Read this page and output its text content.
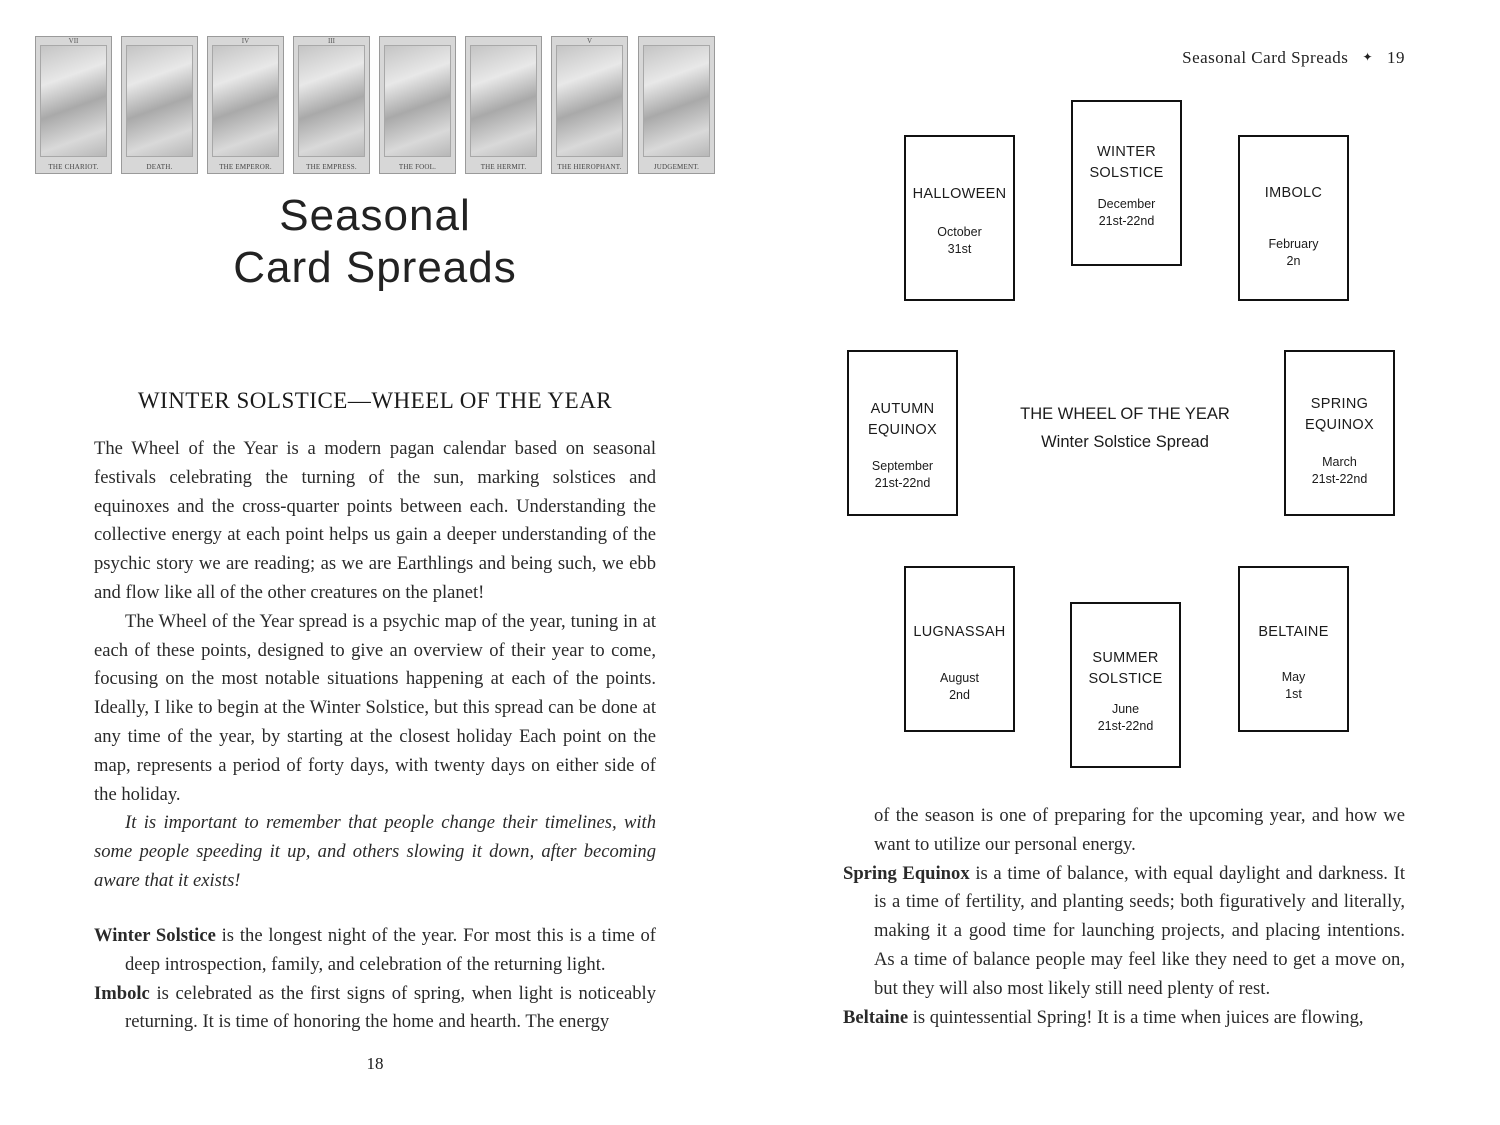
VII
THE CHARIOT.	DEATH.
IV
THE EMPEROR.
III
THE EMPRESS.	THE FOOL.	THE HERMIT.
V
THE HIEROPHANT.	JUDGEMENT.
Seasonal
Card Spreads
WINTER SOLSTICE—WHEEL OF THE YEAR

The Wheel of the Year is a modern pagan calendar based on seasonal festivals celebrating the turning of the sun, marking solstices and equinoxes and the cross-quarter points between each. Understanding the collective energy at each point helps us gain a deeper understanding of the psychic story we are reading; as we are Earthlings and being such, we ebb and flow like all of the other creatures on the planet!

The Wheel of the Year spread is a psychic map of the year, tuning in at each of these points, designed to give an overview of their year to come, focusing on the most notable situations happening at each of the points. Ideally, I like to begin at the Winter Solstice, but this spread can be done at any time of the year, by starting at the closest holiday Each point on the map, represents a period of forty days, with twenty days on either side of the holiday.

It is important to remember that people change their timelines, with some people speeding it up, and others slowing it down, after becoming aware that it exists!

Winter Solstice is the longest night of the year. For most this is a time of deep introspection, family, and celebration of the returning light.

Imbolc is celebrated as the first signs of spring, when light is noticeably returning. It is time of honoring the home and hearth. The energy

18
Seasonal Card Spreads ✦ 19
HALLOWEEN
October
31st
WINTER
SOLSTICE
December
21st-22nd
IMBOLC
February
2n
AUTUMN
EQUINOX
September
21st-22nd
THE WHEEL OF THE YEAR
Winter Solstice Spread
SPRING
EQUINOX
March
21st-22nd
LUGNASSAH
August
2nd
SUMMER
SOLSTICE
June
21st-22nd
BELTAINE
May
1st

of the season is one of preparing for the upcoming year, and how we want to utilize our personal energy.

Spring Equinox is a time of balance, with equal daylight and darkness. It is a time of fertility, and planting seeds; both figuratively and literally, making it a good time for launching projects, and placing intentions. As a time of balance people may feel like they need to get a move on, but they will also most likely still need plenty of rest.

Beltaine is quintessential Spring! It is a time when juices are flowing,
